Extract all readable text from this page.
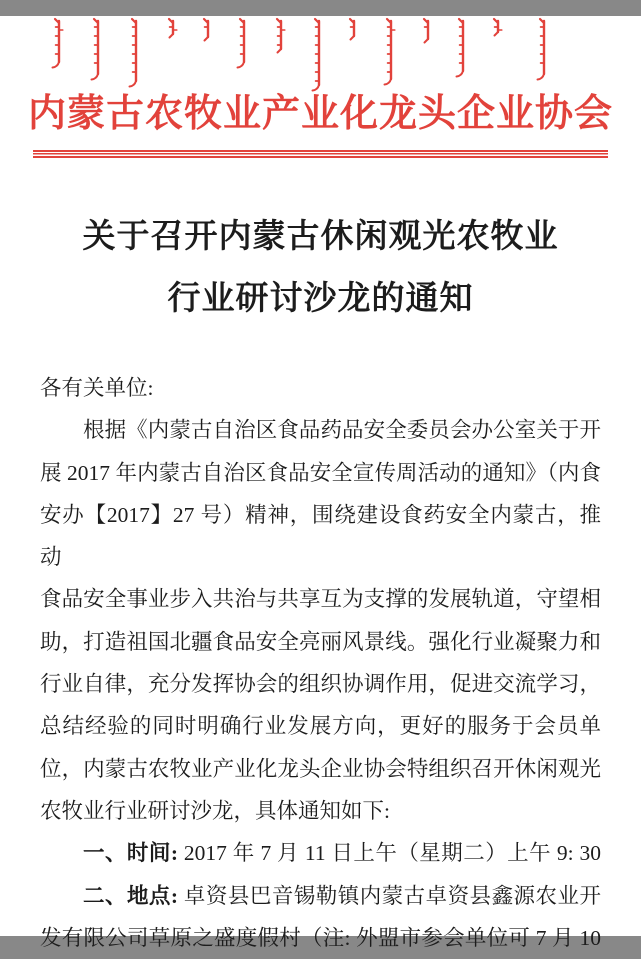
内蒙古农牧业产业化龙头企业协会
关于召开内蒙古休闲观光农牧业
行业研讨沙龙的通知
各有关单位:
根据《内蒙古自治区食品药品安全委员会办公室关于开
展 2017 年内蒙古自治区食品安全宣传周活动的通知》（内食
安办【2017】27 号）精神，围绕建设食药安全内蒙古，推动
食品安全事业步入共治与共享互为支撑的发展轨道，守望相
助，打造祖国北疆食品安全亮丽风景线。强化行业凝聚力和
行业自律，充分发挥协会的组织协调作用，促进交流学习，
总结经验的同时明确行业发展方向，更好的服务于会员单
位，内蒙古农牧业产业化龙头企业协会特组织召开休闲观光
农牧业行业研讨沙龙，具体通知如下:
一、时间: 2017 年 7 月 11 日上午（星期二）上午 9: 30
二、地点: 卓资县巴音锡勒镇内蒙古卓资县鑫源农业开
发有限公司草原之盛度假村（注: 外盟市参会单位可 7 月 10
